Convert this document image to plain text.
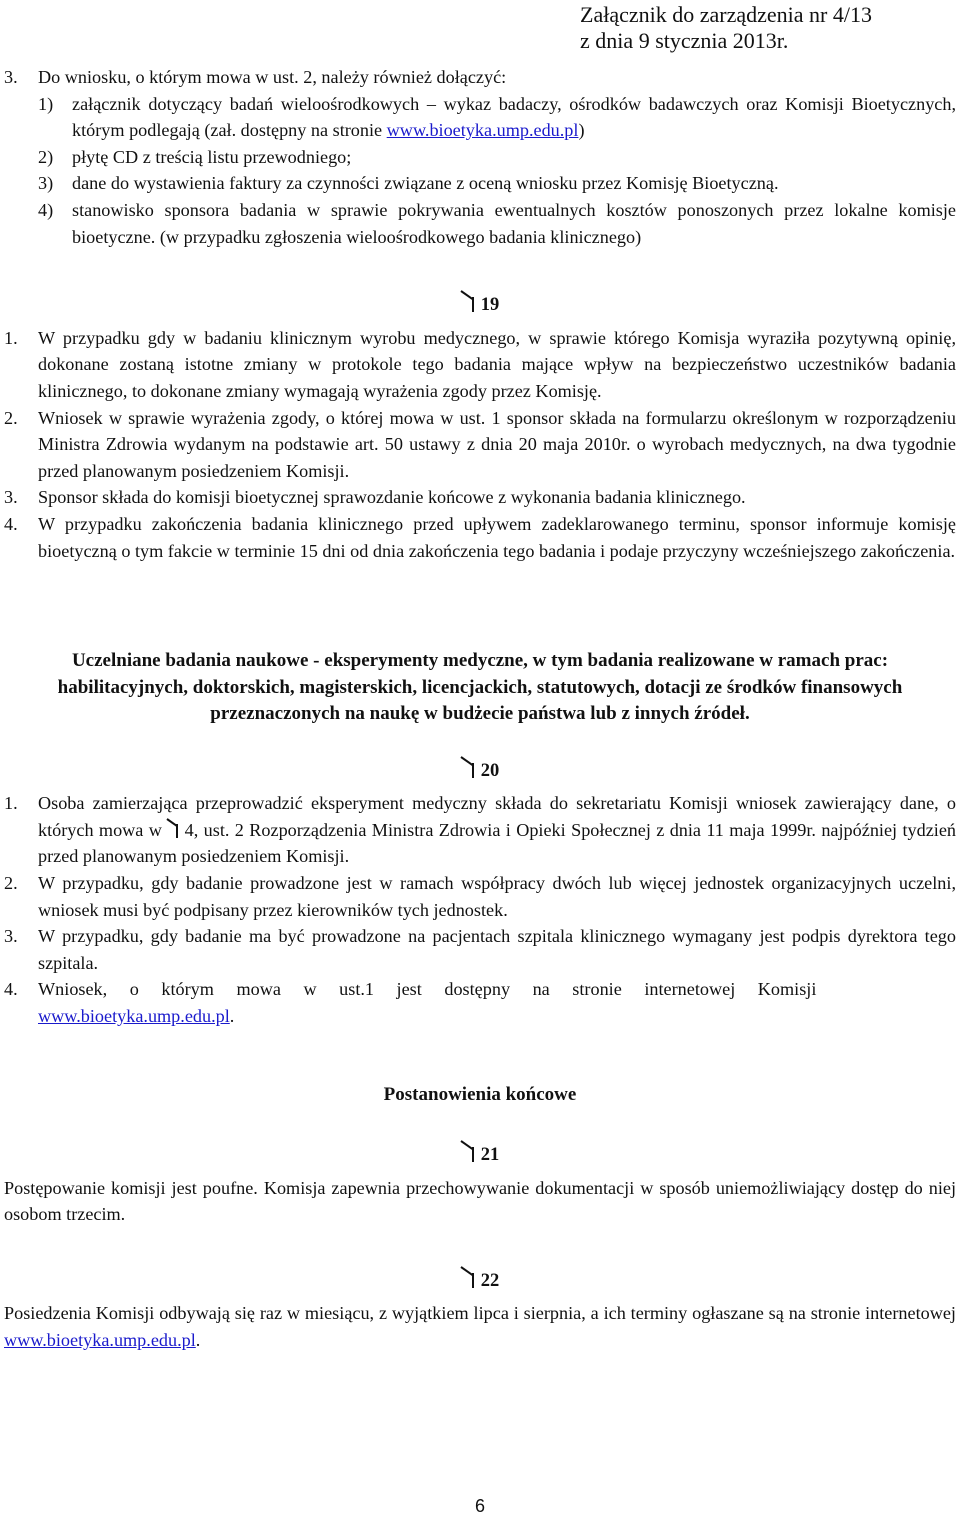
Załącznik do zarządzenia nr 4/13
z dnia 9 stycznia 2013r.
3. Do wniosku, o którym mowa w ust. 2, należy również dołączyć:
1) załącznik dotyczący badań wieloośrodkowych – wykaz badaczy, ośrodków badawczych oraz Komisji Bioetycznych, którym podlegają (zał. dostępny na stronie www.bioetyka.ump.edu.pl)
2) płytę CD z treścią listu przewodniego;
3) dane do wystawienia faktury za czynności związane z oceną wniosku przez Komisję Bioetyczną.
4) stanowisko sponsora badania w sprawie pokrywania ewentualnych kosztów ponoszonych przez lokalne komisje bioetyczne. (w przypadku zgłoszenia wieloośrodkowego badania klinicznego)
19
1. W przypadku gdy w badaniu klinicznym wyrobu medycznego, w sprawie którego Komisja wyraziła pozytywną opinię, dokonane zostaną istotne zmiany w protokole tego badania mające wpływ na bezpieczeństwo uczestników badania klinicznego, to dokonane zmiany wymagają wyrażenia zgody przez Komisję.
2. Wniosek w sprawie wyrażenia zgody, o której mowa w ust. 1 sponsor składa na formularzu określonym w rozporządzeniu Ministra Zdrowia wydanym na podstawie art. 50 ustawy z dnia 20 maja 2010r. o wyrobach medycznych, na dwa tygodnie przed planowanym posiedzeniem Komisji.
3. Sponsor składa do komisji bioetycznej sprawozdanie końcowe z wykonania badania klinicznego.
4. W przypadku zakończenia badania klinicznego przed upływem zadeklarowanego terminu, sponsor informuje komisję bioetyczną o tym fakcie w terminie 15 dni od dnia zakończenia tego badania i podaje przyczyny wcześniejszego zakończenia.
Uczelniane badania naukowe - eksperymenty medyczne, w tym badania realizowane w ramach prac: habilitacyjnych, doktorskich, magisterskich, licencjackich, statutowych, dotacji ze środków finansowych przeznaczonych na naukę w budżecie państwa lub z innych źródeł.
20
1. Osoba zamierzająca przeprowadzić eksperyment medyczny składa do sekretariatu Komisji wniosek zawierający dane, o których mowa w 4, ust. 2 Rozporządzenia Ministra Zdrowia i Opieki Społecznej z dnia 11 maja 1999r. najpóźniej tydzień przed planowanym posiedzeniem Komisji.
2. W przypadku, gdy badanie prowadzone jest w ramach współpracy dwóch lub więcej jednostek organizacyjnych uczelni, wniosek musi być podpisany przez kierowników tych jednostek.
3. W przypadku, gdy badanie ma być prowadzone na pacjentach szpitala klinicznego wymagany jest podpis dyrektora tego szpitala.
4. Wniosek, o którym mowa w ust.1 jest dostępny na stronie internetowej Komisji
www.bioetyka.ump.edu.pl.
Postanowienia końcowe
21

Postępowanie komisji jest poufne. Komisja zapewnia przechowywanie dokumentacji w sposób uniemożliwiający dostęp do niej osobom trzecim.

22

Posiedzenia Komisji odbywają się raz w miesiącu, z wyjątkiem lipca i sierpnia, a ich terminy ogłaszane są na stronie internetowej www.bioetyka.ump.edu.pl.

6
